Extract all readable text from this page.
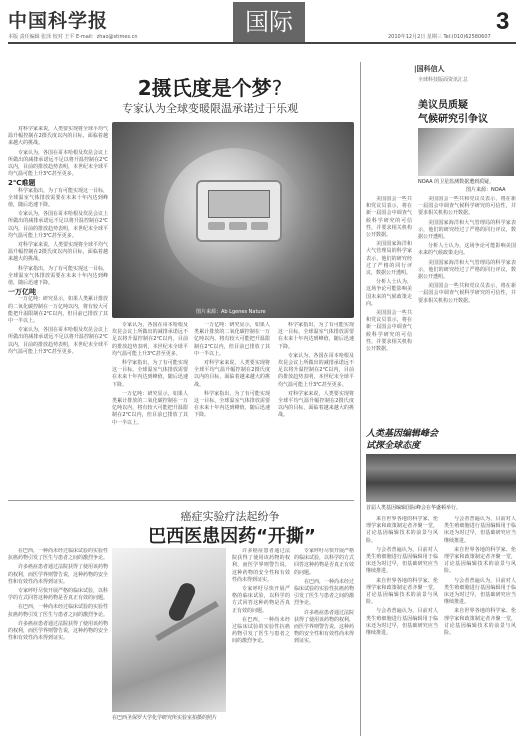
中国科学报
本版 责任编辑 张泽 校对 王平 E-mail：zhao@stimes.cn
国际
2010年12月2日 星期三 Tel:(010)62580607
3
2摄氏度是个梦?
专家认为全球变暖限温承诺过于乐观
图片来源：Ab Lgenes Nature

对科学家来说，人类要实现将全球平均气温升幅控制在2摄氏度以内的目标，面临着越来越大的挑战。

专家认为，各国在哥本哈根及坎昆会议上所做出的减排承诺远不足以将升温控制在2℃以内，目前的排放趋势表明，本世纪末全球平均气温可能上升3℃甚至更多。

2℃难题

科学家指出，为了有可能实现这一目标，全球温室气体排放需要在未来十年内达到峰值，随后迅速下降。

专家认为，各国在哥本哈根及坎昆会议上所做出的减排承诺远不足以将升温控制在2℃以内，目前的排放趋势表明，本世纪末全球平均气温可能上升3℃甚至更多。

对科学家来说，人类要实现将全球平均气温升幅控制在2摄氏度以内的目标，面临着越来越大的挑战。

科学家指出，为了有可能实现这一目标，全球温室气体排放需要在未来十年内达到峰值，随后迅速下降。

一万亿吨

一万亿吨：研究显示，如果人类累计排放的二氧化碳控制在一万亿吨以内，将有较大可能把升温限制在2℃以内，但目前已排放了其中一半以上。

专家认为，各国在哥本哈根及坎昆会议上所做出的减排承诺远不足以将升温控制在2℃以内，目前的排放趋势表明，本世纪末全球平均气温可能上升3℃甚至更多。

专家认为，各国在哥本哈根及坎昆会议上所做出的减排承诺远不足以将升温控制在2℃以内，目前的排放趋势表明，本世纪末全球平均气温可能上升3℃甚至更多。

科学家指出，为了有可能实现这一目标，全球温室气体排放需要在未来十年内达到峰值，随后迅速下降。

一万亿吨：研究显示，如果人类累计排放的二氧化碳控制在一万亿吨以内，将有较大可能把升温限制在2℃以内，但目前已排放了其中一半以上。

一万亿吨：研究显示，如果人类累计排放的二氧化碳控制在一万亿吨以内，将有较大可能把升温限制在2℃以内，但目前已排放了其中一半以上。

对科学家来说，人类要实现将全球平均气温升幅控制在2摄氏度以内的目标，面临着越来越大的挑战。

科学家指出，为了有可能实现这一目标，全球温室气体排放需要在未来十年内达到峰值，随后迅速下降。

科学家指出，为了有可能实现这一目标，全球温室气体排放需要在未来十年内达到峰值，随后迅速下降。

专家认为，各国在哥本哈根及坎昆会议上所做出的减排承诺远不足以将升温控制在2℃以内，目前的排放趋势表明，本世纪末全球平均气温可能上升3℃甚至更多。

对科学家来说，人类要实现将全球平均气温升幅控制在2摄氏度以内的目标，面临着越来越大的挑战。

|国科信人
全球科技版面资讯汇总
美议员质疑
气候研究引争议
NOAA 的卫星监测数据遭到质疑。
图片来源：NOAA

美国国会一些共和党议员表示，将在新一届国会中调查气候科学研究的可信性，并要求相关机构公开数据。

美国国家海洋和大气管理局的科学家表示，他们的研究经过了严格的同行评议，数据公开透明。

分析人士认为，这场争论可能影响美国未来的气候政策走向。

美国国会一些共和党议员表示，将在新一届国会中调查气候科学研究的可信性，并要求相关机构公开数据。

美国国会一些共和党议员表示，将在新一届国会中调查气候科学研究的可信性，并要求相关机构公开数据。

美国国家海洋和大气管理局的科学家表示，他们的研究经过了严格的同行评议，数据公开透明。

分析人士认为，这场争论可能影响美国未来的气候政策走向。

美国国家海洋和大气管理局的科学家表示，他们的研究经过了严格的同行评议，数据公开透明。

美国国会一些共和党议员表示，将在新一届国会中调查气候科学研究的可信性，并要求相关机构公开数据。

人类基因编辑峰会
试探全球态度
首届人类基因编辑国际峰会在华盛顿举行。

来自世界各地的科学家、伦理学家和政策制定者齐聚一堂，讨论基因编辑技术的前景与风险。

与会者普遍认为，目前对人类生殖细胞进行基因编辑用于临床还为时过早，但基础研究应当继续推进。

来自世界各地的科学家、伦理学家和政策制定者齐聚一堂，讨论基因编辑技术的前景与风险。

与会者普遍认为，目前对人类生殖细胞进行基因编辑用于临床还为时过早，但基础研究应当继续推进。

与会者普遍认为，目前对人类生殖细胞进行基因编辑用于临床还为时过早，但基础研究应当继续推进。

来自世界各地的科学家、伦理学家和政策制定者齐聚一堂，讨论基因编辑技术的前景与风险。

与会者普遍认为，目前对人类生殖细胞进行基因编辑用于临床还为时过早，但基础研究应当继续推进。

来自世界各地的科学家、伦理学家和政策制定者齐聚一堂，讨论基因编辑技术的前景与风险。

癌症实验疗法起纷争
巴西医患因药“开撕”

在巴西，一种尚未经过临床试验的实验性抗癌药物引发了医生与患者之间的激烈争论。

许多癌症患者通过法院获得了使用该药物的权利，而医学界则警告说，这种药物的安全性和有效性尚未得到证实。

专家呼吁尽快开展严格的临床试验，以科学的方式回答这种药物是否真正有效的问题。

在巴西，一种尚未经过临床试验的实验性抗癌药物引发了医生与患者之间的激烈争论。

许多癌症患者通过法院获得了使用该药物的权利，而医学界则警告说，这种药物的安全性和有效性尚未得到证实。

在巴西圣保罗大学化学研究所实验室拍摄的照片

许多癌症患者通过法院获得了使用该药物的权利，而医学界则警告说，这种药物的安全性和有效性尚未得到证实。

专家呼吁尽快开展严格的临床试验，以科学的方式回答这种药物是否真正有效的问题。

在巴西，一种尚未经过临床试验的实验性抗癌药物引发了医生与患者之间的激烈争论。

专家呼吁尽快开展严格的临床试验，以科学的方式回答这种药物是否真正有效的问题。

在巴西，一种尚未经过临床试验的实验性抗癌药物引发了医生与患者之间的激烈争论。

许多癌症患者通过法院获得了使用该药物的权利，而医学界则警告说，这种药物的安全性和有效性尚未得到证实。
